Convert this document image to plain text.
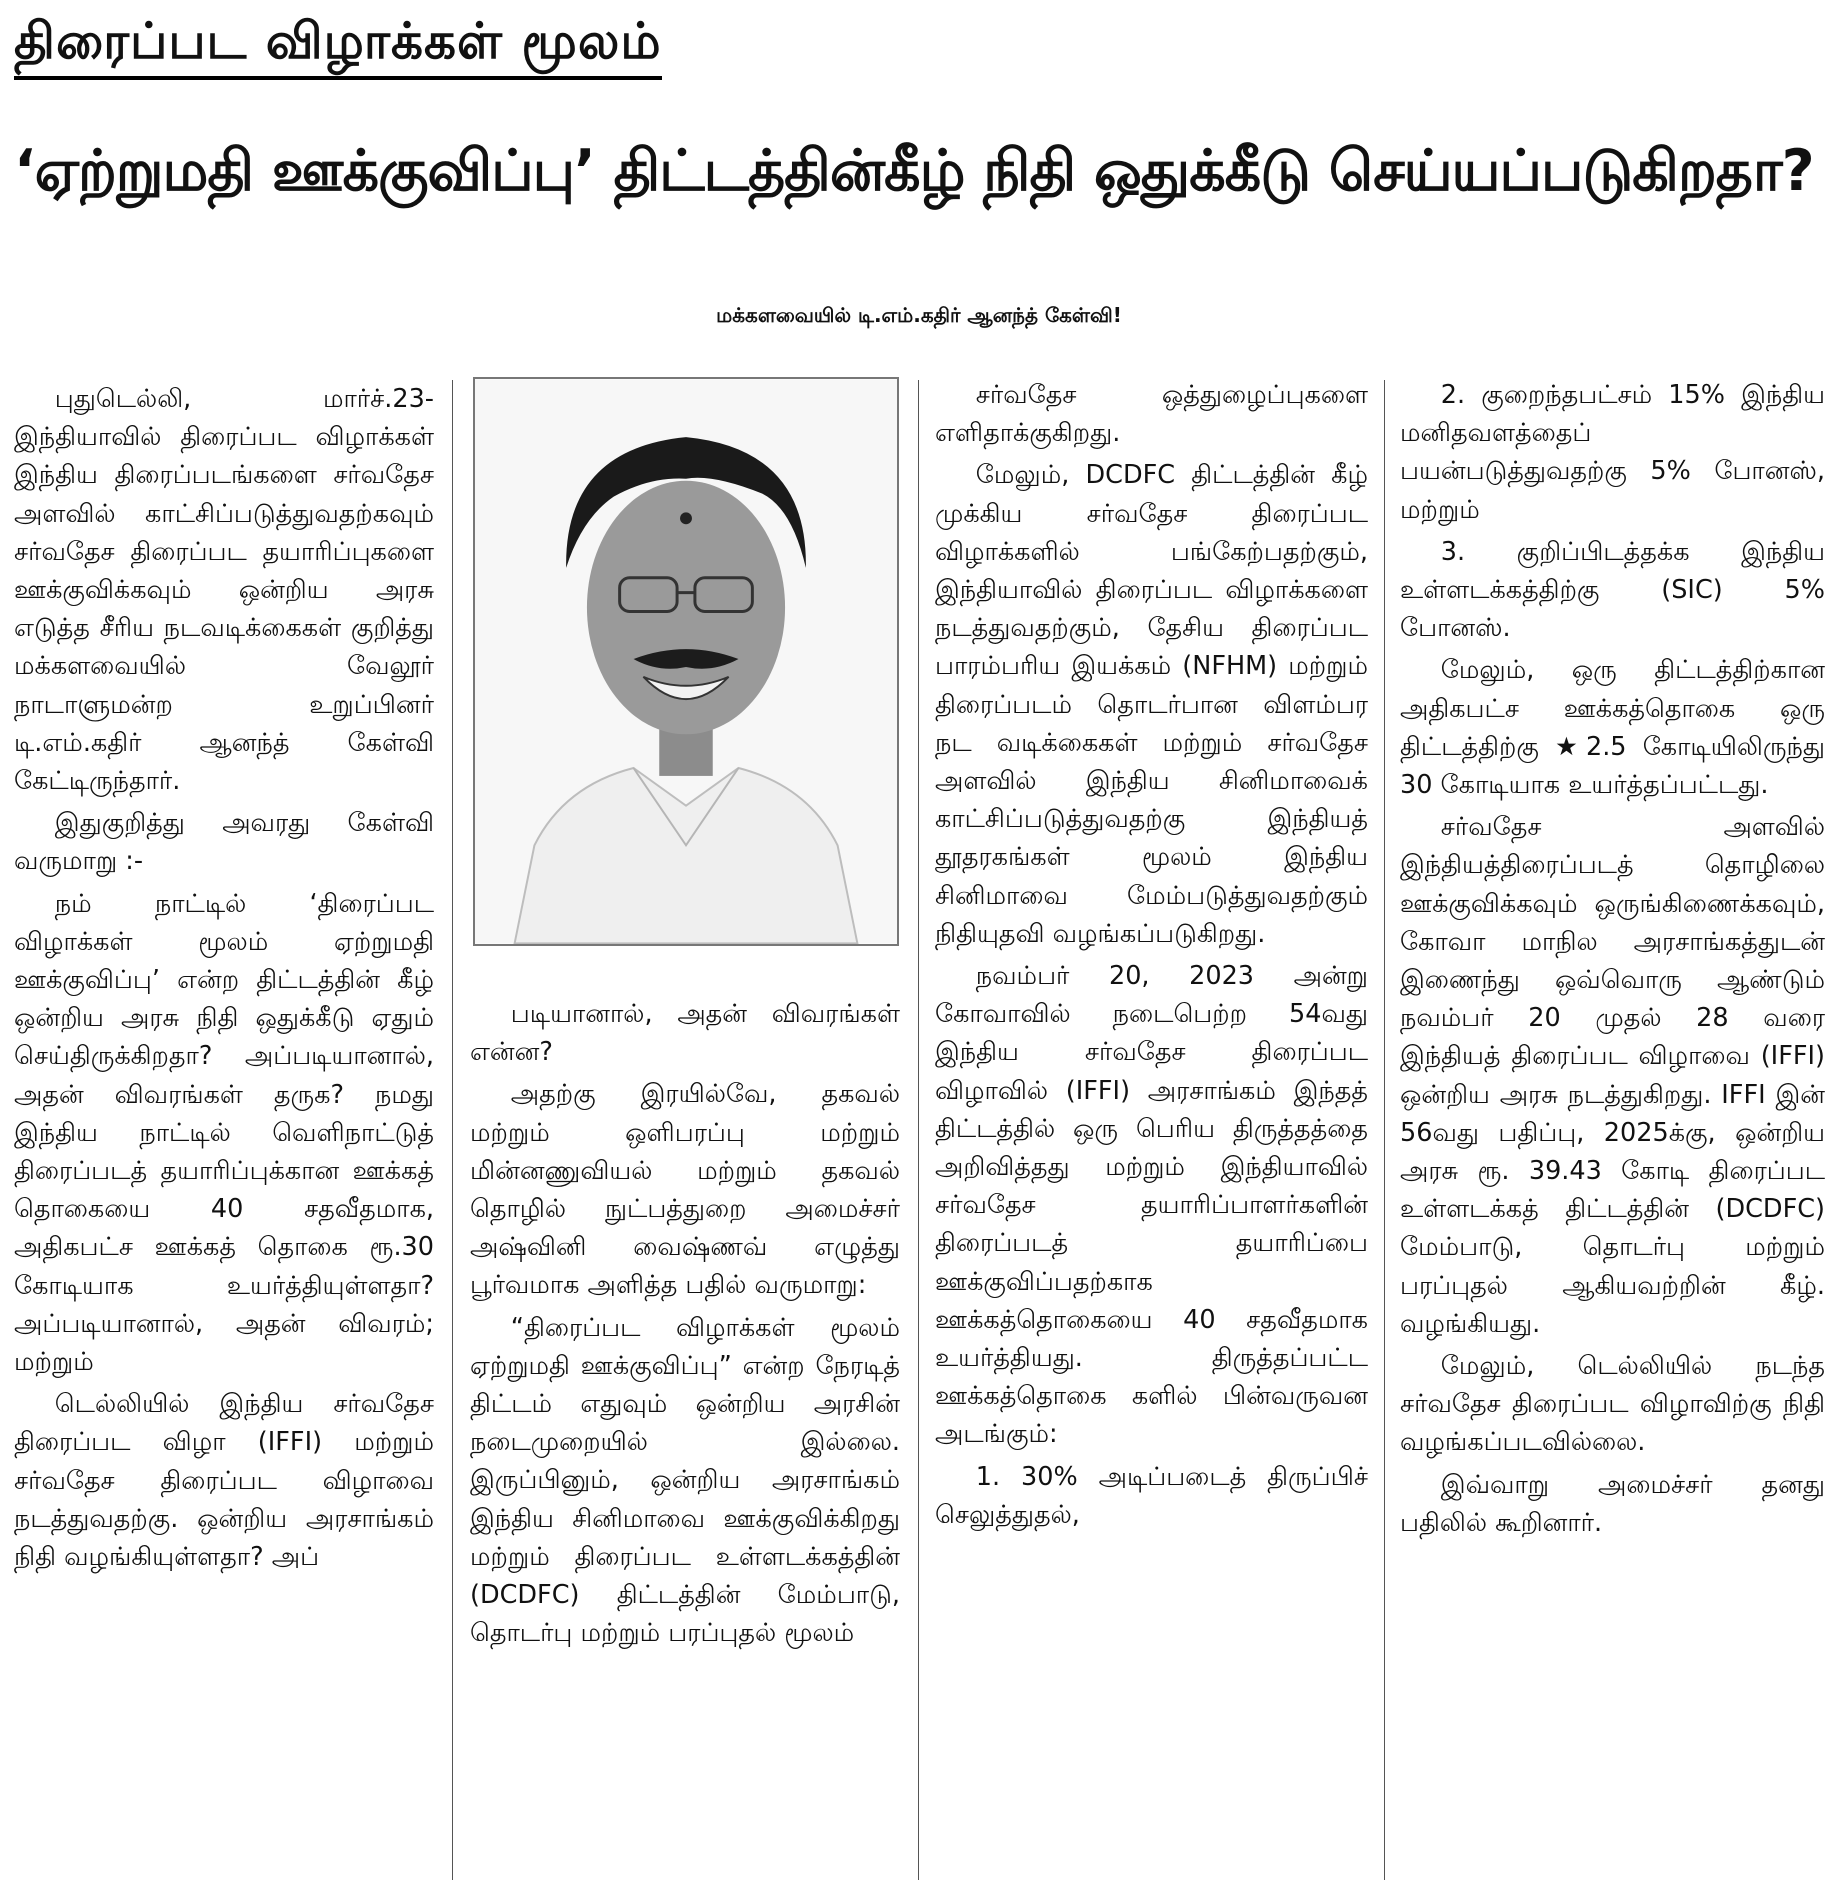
திரைப்பட விழாக்கள் மூலம்
‘ஏற்றுமதி ஊக்குவிப்பு’ திட்டத்தின்கீழ் நிதி ஒதுக்கீடு செய்யப்படுகிறதா?
மக்களவையில் டி.எம்.கதிர் ஆனந்த் கேள்வி!

புதுடெல்லி, மார்ச்.23- இந்தியாவில் திரைப்பட விழாக்கள் இந்திய திரைப்படங்களை சர்வதேச அளவில் காட்சிப்படுத்துவதற்கவும் சர்வதேச திரைப்பட தயாரிப்புகளை ஊக்குவிக்கவும் ஒன்றிய அரசு எடுத்த சீரிய நடவடிக்கைகள் குறித்து மக்களவையில் வேலூர் நாடாளுமன்ற உறுப்பினர் டி.எம்.கதிர் ஆனந்த் கேள்வி கேட்டிருந்தார்.

இதுகுறித்து அவரது கேள்வி வருமாறு :-

நம் நாட்டில் ‘திரைப்பட விழாக்கள் மூலம் ஏற்றுமதி ஊக்குவிப்பு’ என்ற திட்டத்தின் கீழ் ஒன்றிய அரசு நிதி ஒதுக்கீடு ஏதும் செய்திருக்கிறதா? அப்படியானால், அதன் விவரங்கள் தருக? நமது இந்திய நாட்டில் வெளிநாட்டுத் திரைப்படத் தயாரிப்புக்கான ஊக்கத் தொகையை 40 சதவீதமாக, அதிகபட்ச ஊக்கத் தொகை ரூ.30 கோடியாக உயர்த்தியுள்ளதா? அப்படியானால், அதன் விவரம்; மற்றும்

டெல்லியில் இந்திய சர்வதேச திரைப்பட விழா (IFFI) மற்றும் சர்வதேச திரைப்பட விழாவை நடத்துவதற்கு. ஒன்றிய அரசாங்கம் நிதி வழங்கியுள்ளதா? அப்

படியானால், அதன் விவரங்கள் என்ன?

அதற்கு இரயில்வே, தகவல் மற்றும் ஒளிபரப்பு மற்றும் மின்னணுவியல் மற்றும் தகவல் தொழில் நுட்பத்துறை அமைச்சர் அஷ்வினி வைஷ்ணவ் எழுத்து பூர்வமாக அளித்த பதில் வருமாறு:

“திரைப்பட விழாக்கள் மூலம் ஏற்றுமதி ஊக்குவிப்பு” என்ற நேரடித் திட்டம் எதுவும் ஒன்றிய அரசின் நடைமுறையில் இல்லை. இருப்பினும், ஒன்றிய அரசாங்கம் இந்திய சினிமாவை ஊக்குவிக்கிறது மற்றும் திரைப்பட உள்ளடக்கத்தின் (DCDFC) திட்டத்தின் மேம்பாடு, தொடர்பு மற்றும் பரப்புதல் மூலம்

சர்வதேச ஒத்துழைப்புகளை எளிதாக்குகிறது.

மேலும், DCDFC திட்டத்தின் கீழ் முக்கிய சர்வதேச திரைப்பட விழாக்களில் பங்கேற்பதற்கும், இந்தியாவில் திரைப்பட விழாக்களை நடத்துவதற்கும், தேசிய திரைப்பட பாரம்பரிய இயக்கம் (NFHM) மற்றும் திரைப்படம் தொடர்பான விளம்பர நட வடிக்கைகள் மற்றும் சர்வதேச அளவில் இந்திய சினிமாவைக் காட்சிப்படுத்துவதற்கு இந்தியத் தூதரகங்கள் மூலம் இந்திய சினிமாவை மேம்படுத்துவதற்கும் நிதியுதவி வழங்கப்படுகிறது.

நவம்பர் 20, 2023 அன்று கோவாவில் நடைபெற்ற 54வது இந்திய சர்வதேச திரைப்பட விழாவில் (IFFI) அரசாங்கம் இந்தத் திட்டத்தில் ஒரு பெரிய திருத்தத்தை அறிவித்தது மற்றும் இந்தியாவில் சர்வதேச தயாரிப்பாளர்களின் திரைப்படத் தயாரிப்பை ஊக்குவிப்பதற்காக ஊக்கத்தொகையை 40 சதவீதமாக உயர்த்தியது. திருத்தப்பட்ட ஊக்கத்தொகை களில் பின்வருவன அடங்கும்:

1. 30% அடிப்படைத் திருப்பிச் செலுத்துதல்,

2. குறைந்தபட்சம் 15% இந்திய மனிதவளத்தைப் பயன்படுத்துவதற்கு 5% போனஸ், மற்றும்

3. குறிப்பிடத்தக்க இந்திய உள்ளடக்கத்திற்கு (SIC) 5% போனஸ்.

மேலும், ஒரு திட்டத்திற்கான அதிகபட்ச ஊக்கத்தொகை ஒரு திட்டத்திற்கு ★2.5 கோடியிலிருந்து 30 கோடியாக உயர்த்தப்பட்டது.

சர்வதேச அளவில் இந்தியத்திரைப்படத் தொழிலை ஊக்குவிக்கவும் ஒருங்கிணைக்கவும், கோவா மாநில அரசாங்கத்துடன் இணைந்து ஒவ்வொரு ஆண்டும் நவம்பர் 20 முதல் 28 வரை இந்தியத் திரைப்பட விழாவை (IFFI) ஒன்றிய அரசு நடத்துகிறது. IFFI இன் 56வது பதிப்பு, 2025க்கு, ஒன்றிய அரசு ரூ. 39.43 கோடி திரைப்பட உள்ளடக்கத் திட்டத்தின் (DCDFC) மேம்பாடு, தொடர்பு மற்றும் பரப்புதல் ஆகியவற்றின் கீழ். வழங்கியது.

மேலும், டெல்லியில் நடந்த சர்வதேச திரைப்பட விழாவிற்கு நிதி வழங்கப்படவில்லை.

இவ்வாறு அமைச்சர் தனது பதிலில் கூறினார்.
